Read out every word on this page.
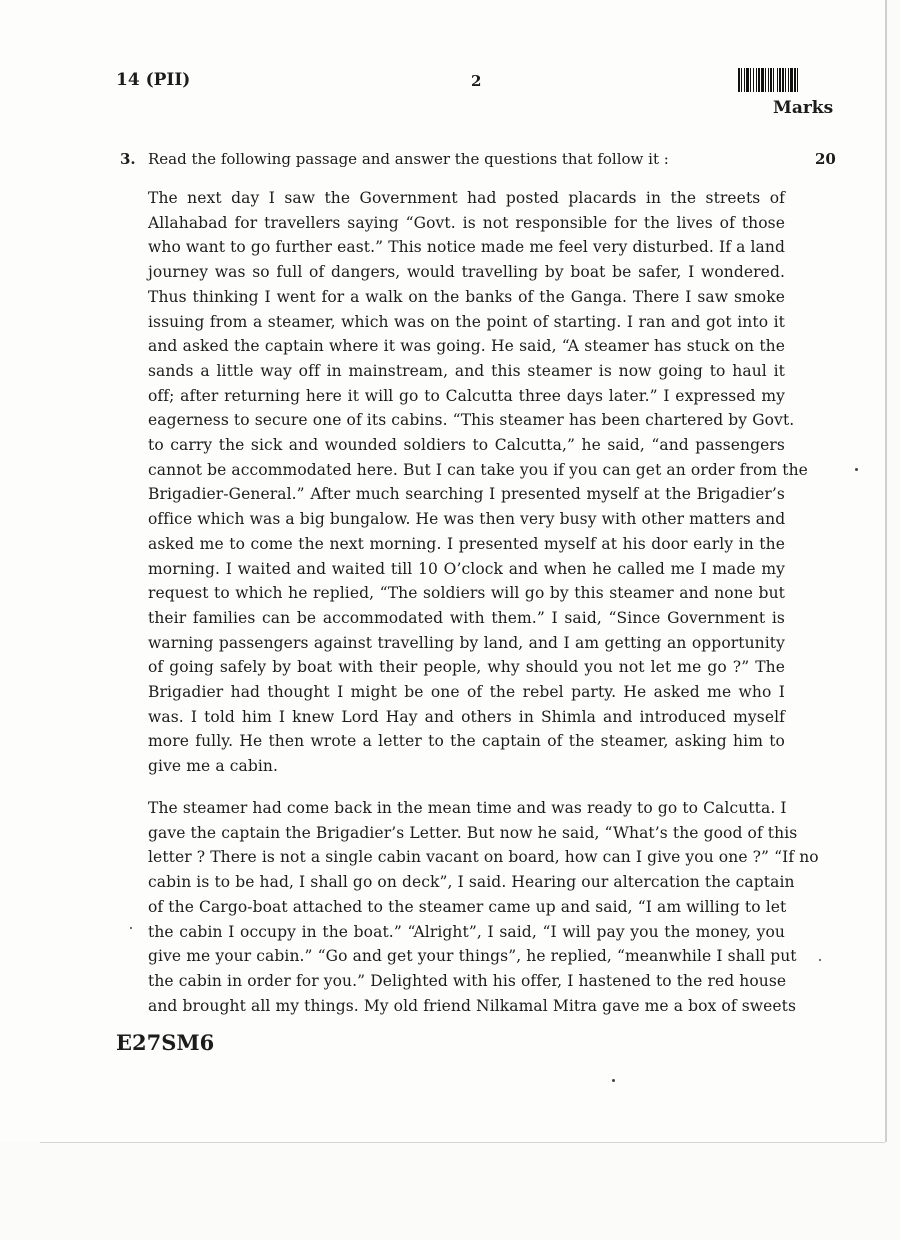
14 (PII)	2
Marks
3. Read the following passage and answer the questions that follow it :	20
The next day I saw the Government had posted placards in the streets of
Allahabad for travellers saying “Govt. is not responsible for the lives of those
who want to go further east.” This notice made me feel very disturbed. If a land
journey was so full of dangers, would travelling by boat be safer, I wondered.
Thus thinking I went for a walk on the banks of the Ganga. There I saw smoke
issuing from a steamer, which was on the point of starting. I ran and got into it
and asked the captain where it was going. He said, “A steamer has stuck on the
sands a little way off in mainstream, and this steamer is now going to haul it
off; after returning here it will go to Calcutta three days later.” I expressed my
eagerness to secure one of its cabins. “This steamer has been chartered by Govt.
to carry the sick and wounded soldiers to Calcutta,” he said, “and passengers
cannot be accommodated here. But I can take you if you can get an order from the
Brigadier-General.” After much searching I presented myself at the Brigadier’s
office which was a big bungalow. He was then very busy with other matters and
asked me to come the next morning. I presented myself at his door early in the
morning. I waited and waited till 10 O’clock and when he called me I made my
request to which he replied, “The soldiers will go by this steamer and none but
their families can be accommodated with them.” I said, “Since Government is
warning passengers against travelling by land, and I am getting an opportunity
of going safely by boat with their people, why should you not let me go ?” The
Brigadier had thought I might be one of the rebel party. He asked me who I
was. I told him I knew Lord Hay and others in Shimla and introduced myself
more fully. He then wrote a letter to the captain of the steamer, asking him to
give me a cabin.
The steamer had come back in the mean time and was ready to go to Calcutta. I
gave the captain the Brigadier’s Letter. But now he said, “What’s the good of this
letter ? There is not a single cabin vacant on board, how can I give you one ?” “If no
cabin is to be had, I shall go on deck”, I said. Hearing our altercation the captain
of the Cargo-boat attached to the steamer came up and said, “I am willing to let
the cabin I occupy in the boat.” “Alright”, I said, “I will pay you the money, you
give me your cabin.” “Go and get your things”, he replied, “meanwhile I shall put
the cabin in order for you.” Delighted with his offer, I hastened to the red house
and brought all my things. My old friend Nilkamal Mitra gave me a box of sweets
E27SM6
